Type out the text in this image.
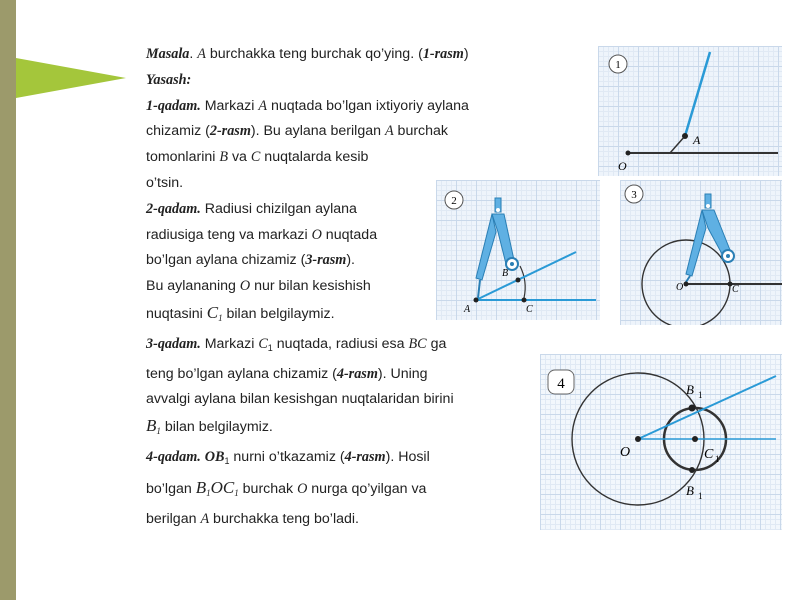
Masala. A burchakka teng burchak qo’ying. (1-rasm)

Yasash:

1-qadam. Markazi A nuqtada bo’lgan ixtiyoriy aylana

chizamiz (2-rasm). Bu aylana berilgan A burchak

tomonlarini B va C nuqtalarda kesib

o’tsin.

2-qadam. Radiusi chizilgan aylana

radiusiga teng va markazi O nuqtada

bo’lgan aylana chizamiz (3-rasm).

Bu aylananing O nur bilan kesishish

nuqtasini $C_1$ bilan belgilaymiz.

3-qadam. Markazi $C_1$ nuqtada, radiusi esa BC ga

teng bo’lgan aylana chizamiz (4-rasm). Uning

avvalgi aylana bilan kesishgan nuqtalaridan birini

$B_1$ bilan belgilaymiz.

4-qadam. $OB_1$ nurni o’tkazamiz (4-rasm). Hosil

bo’lgan $B_1OC_1$ burchak O nurga qo’yilgan va

berilgan A burchakka teng bo’ladi.

1
A
O
2
A
B
C
3
O	C
4
O
B 1
C 1
B 1
